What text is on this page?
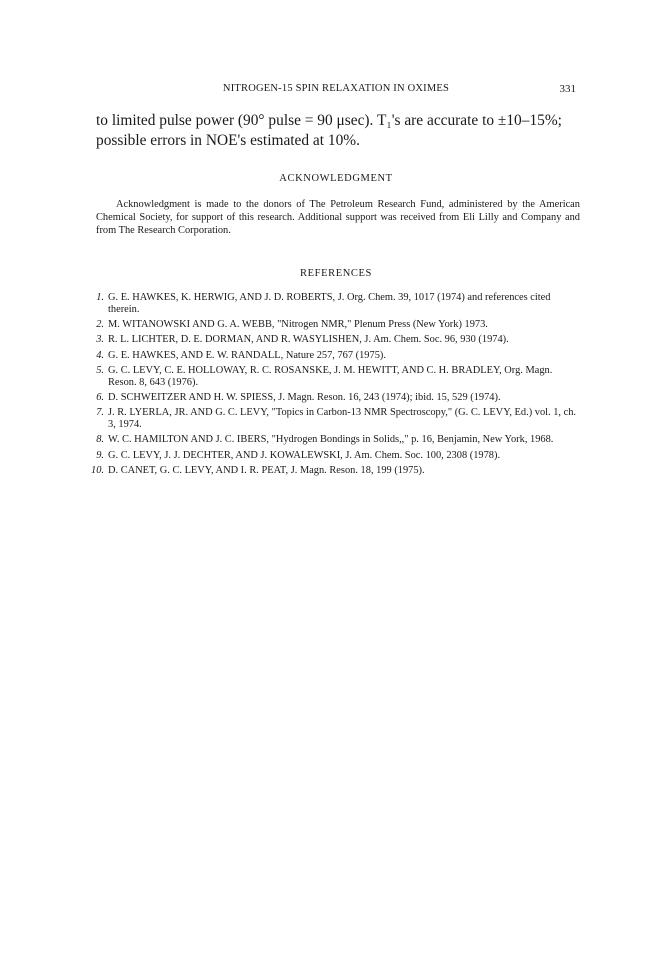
NITROGEN-15 SPIN RELAXATION IN OXIMES	331
to limited pulse power (90° pulse = 90 μsec). T₁'s are accurate to ±10–15%; possible errors in NOE's estimated at 10%.
ACKNOWLEDGMENT
Acknowledgment is made to the donors of The Petroleum Research Fund, administered by the American Chemical Society, for support of this research. Additional support was received from Eli Lilly and Company and from The Research Corporation.
REFERENCES
1. G. E. HAWKES, K. HERWIG, AND J. D. ROBERTS, J. Org. Chem. 39, 1017 (1974) and references cited therein.
2. M. WITANOWSKI AND G. A. WEBB, "Nitrogen NMR," Plenum Press (New York) 1973.
3. R. L. LICHTER, D. E. DORMAN, AND R. WASYLISHEN, J. Am. Chem. Soc. 96, 930 (1974).
4. G. E. HAWKES, AND E. W. RANDALL, Nature 257, 767 (1975).
5. G. C. LEVY, C. E. HOLLOWAY, R. C. ROSANSKE, J. M. HEWITT, AND C. H. BRADLEY, Org. Magn. Reson. 8, 643 (1976).
6. D. SCHWEITZER AND H. W. SPIESS, J. Magn. Reson. 16, 243 (1974); ibid. 15, 529 (1974).
7. J. R. LYERLA, JR. AND G. C. LEVY, "Topics in Carbon-13 NMR Spectroscopy," (G. C. LEVY, Ed.) vol. 1, ch. 3, 1974.
8. W. C. HAMILTON AND J. C. IBERS, "Hydrogen Bondings in Solids,," p. 16, Benjamin, New York, 1968.
9. G. C. LEVY, J. J. DECHTER, AND J. KOWALEWSKI, J. Am. Chem. Soc. 100, 2308 (1978).
10. D. CANET, G. C. LEVY, AND I. R. PEAT, J. Magn. Reson. 18, 199 (1975).
